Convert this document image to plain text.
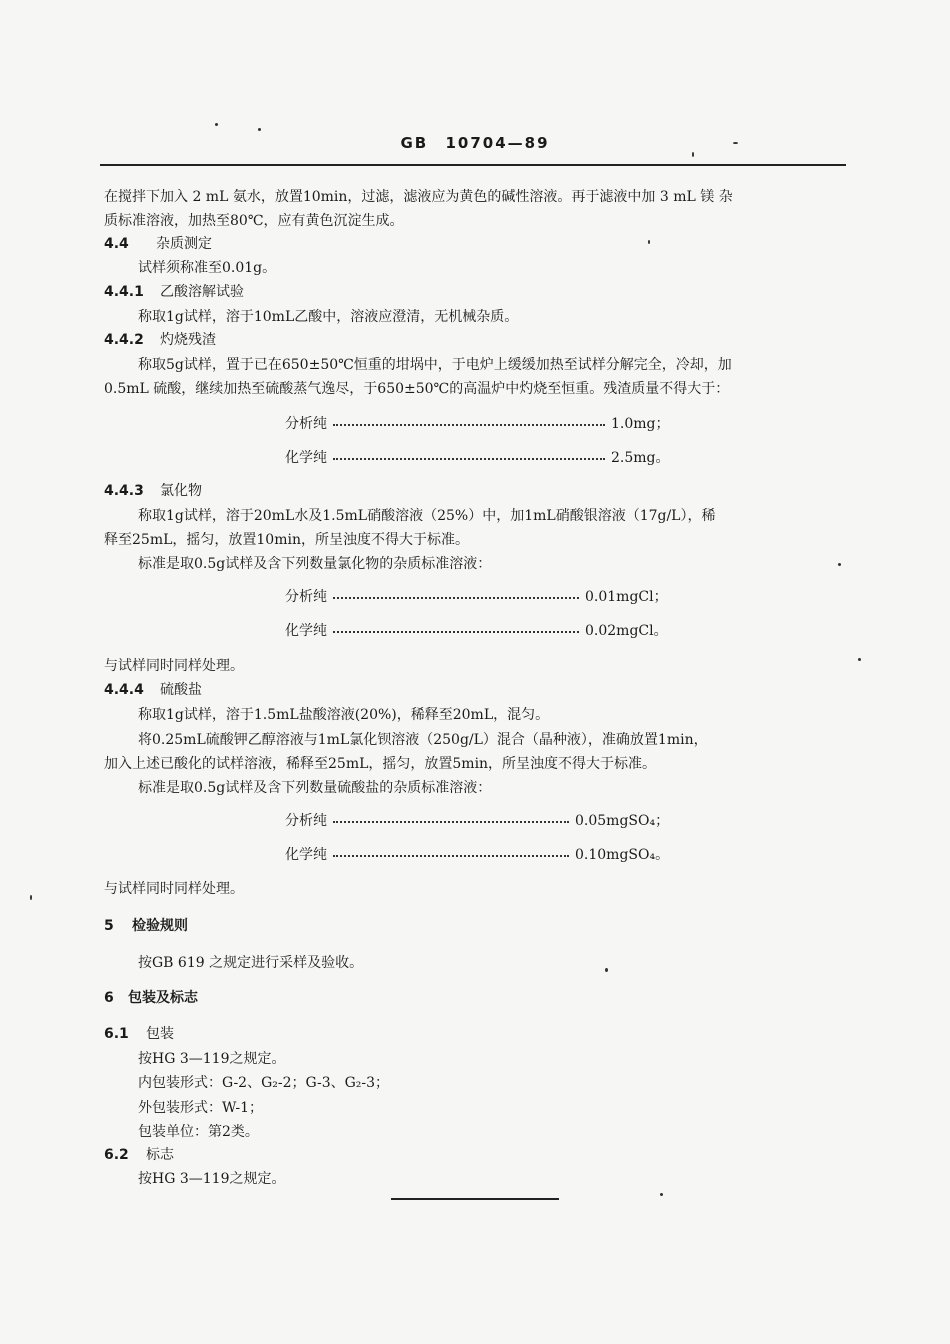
GB 10704—89
在搅拌下加入 2 mL 氨水，放置10min，过滤，滤液应为黄色的碱性溶液。再于滤液中加 3 mL 镁 杂
质标准溶液，加热至80℃，应有黄色沉淀生成。
4.4 杂质测定
试样须称准至0.01g。
4.4.1 乙酸溶解试验
称取1g试样，溶于10mL乙酸中，溶液应澄清，无机械杂质。
4.4.2 灼烧残渣
称取5g试样，置于已在650±50℃恒重的坩埚中，于电炉上缓缓加热至试样分解完全，冷却，加
0.5mL 硫酸，继续加热至硫酸蒸气逸尽，于650±50℃的高温炉中灼烧至恒重。残渣质量不得大于：
分析纯	1.0mg；
化学纯	2.5mg。
4.4.3 氯化物
称取1g试样，溶于20mL水及1.5mL硝酸溶液（25%）中，加1mL硝酸银溶液（17g/L），稀
释至25mL，摇匀，放置10min，所呈浊度不得大于标准。
标准是取0.5g试样及含下列数量氯化物的杂质标准溶液：
分析纯	0.01mgCl；
化学纯	0.02mgCl。
与试样同时同样处理。
4.4.4 硫酸盐
称取1g试样，溶于1.5mL盐酸溶液(20%)，稀释至20mL，混匀。
将0.25mL硫酸钾乙醇溶液与1mL氯化钡溶液（250g/L）混合（晶种液），准确放置1min，
加入上述已酸化的试样溶液，稀释至25mL，摇匀，放置5min，所呈浊度不得大于标准。
标准是取0.5g试样及含下列数量硫酸盐的杂质标准溶液：
分析纯	0.05mgSO₄；
化学纯	0.10mgSO₄。
与试样同时同样处理。
5 检验规则
按GB 619 之规定进行采样及验收。
6 包装及标志
6.1 包装
按HG 3—119之规定。
内包装形式：G-2、G₂-2；G-3、G₂-3；
外包装形式：W-1；
包装单位：第2类。
6.2 标志
按HG 3—119之规定。
